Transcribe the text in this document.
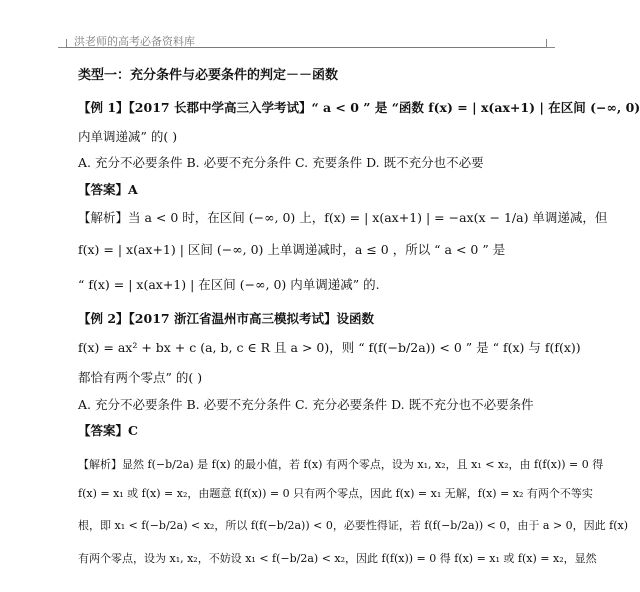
洪老师的高考必备资料库
类型一：充分条件与必要条件的判定－－函数
【例 1】【2017 长郡中学高三入学考试】“ a < 0 ” 是 “函数 f(x) = | x(ax+1) | 在区间 (−∞, 0)
内单调递减” 的( )
A. 充分不必要条件 B. 必要不充分条件 C. 充要条件 D. 既不充分也不必要
【答案】A
【解析】当 a < 0 时，在区间 (−∞, 0) 上，f(x) = | x(ax+1) | = −ax(x − 1/a) 单调递减，但
f(x) = | x(ax+1) | 区间 (−∞, 0) 上单调递减时，a ≤ 0 ，所以 “ a < 0 ” 是
“ f(x) = | x(ax+1) | 在区间 (−∞, 0) 内单调递减” 的.
【例 2】【2017 浙江省温州市高三模拟考试】设函数
f(x) = ax² + bx + c (a, b, c ∈ R 且 a > 0)，则 “ f(f(−b/2a)) < 0 ” 是 “ f(x) 与 f(f(x))
都恰有两个零点” 的( )
A. 充分不必要条件 B. 必要不充分条件 C. 充分必要条件 D. 既不充分也不必要条件
【答案】C
【解析】显然 f(−b/2a) 是 f(x) 的最小值，若 f(x) 有两个零点，设为 x₁, x₂，且 x₁ < x₂，由 f(f(x)) = 0 得
f(x) = x₁ 或 f(x) = x₂，由题意 f(f(x)) = 0 只有两个零点，因此 f(x) = x₁ 无解，f(x) = x₂ 有两个不等实
根，即 x₁ < f(−b/2a) < x₂，所以 f(f(−b/2a)) < 0，必要性得证，若 f(f(−b/2a)) < 0，由于 a > 0，因此 f(x)
有两个零点，设为 x₁, x₂，不妨设 x₁ < f(−b/2a) < x₂，因此 f(f(x)) = 0 得 f(x) = x₁ 或 f(x) = x₂，显然
